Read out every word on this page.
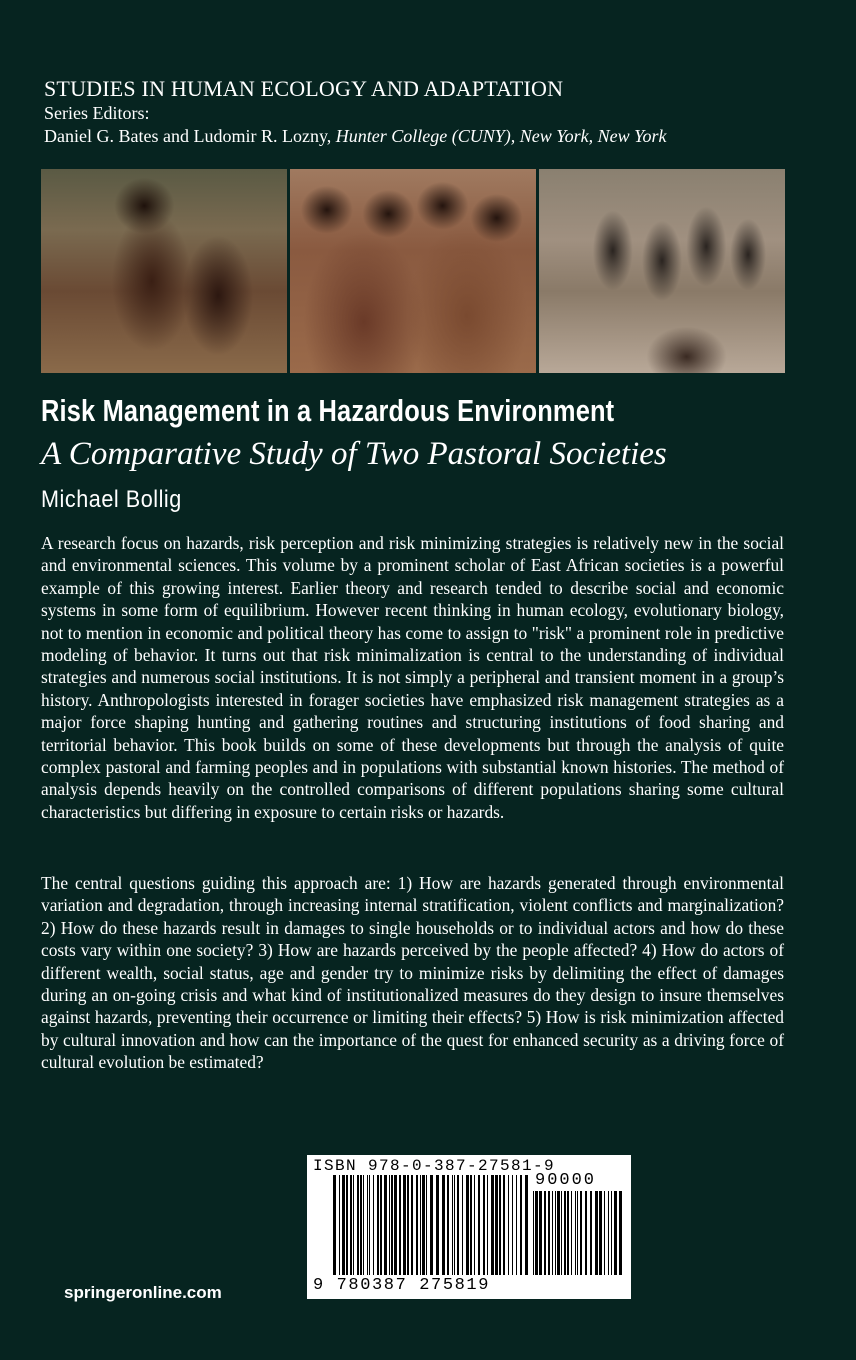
STUDIES IN HUMAN ECOLOGY AND ADAPTATION
Series Editors:
Daniel G. Bates and Ludomir R. Lozny, Hunter College (CUNY), New York, New York
Risk Management in a Hazardous Environment
A Comparative Study of Two Pastoral Societies
Michael Bollig

A research focus on hazards, risk perception and risk minimizing strategies is relatively new in the social and environmental sciences. This volume by a prominent scholar of East African societies is a powerful example of this growing interest. Earlier theory and research tended to describe social and economic systems in some form of equilibrium. However recent thinking in human ecology, evolutionary biology, not to mention in economic and political theory has come to assign to "risk" a prominent role in predictive modeling of behavior. It turns out that risk minimalization is central to the understanding of individual strategies and numerous social institutions. It is not simply a peripheral and transient moment in a group’s history. Anthropologists interested in forager societies have emphasized risk management strategies as a major force shaping hunting and gathering routines and structuring institutions of food sharing and territorial behavior. This book builds on some of these developments but through the analysis of quite complex pastoral and farming peoples and in populations with substantial known histories. The method of analysis depends heavily on the controlled comparisons of different populations sharing some cultural characteristics but differing in exposure to certain risks or hazards.

The central questions guiding this approach are: 1) How are hazards generated through environmental variation and degradation, through increasing internal stratification, violent conflicts and marginalization? 2) How do these hazards result in damages to single households or to individual actors and how do these costs vary within one society? 3) How are hazards perceived by the people affected? 4) How do actors of different wealth, social status, age and gender try to minimize risks by delimiting the effect of damages during an on-going crisis and what kind of institutionalized measures do they design to insure themselves against hazards, preventing their occurrence or limiting their effects? 5) How is risk minimization affected by cultural innovation and how can the importance of the quest for enhanced security as a driving force of cultural evolution be estimated?

ISBN 978-0-387-27581-9
90000
9 780387 275819
springeronline.com
